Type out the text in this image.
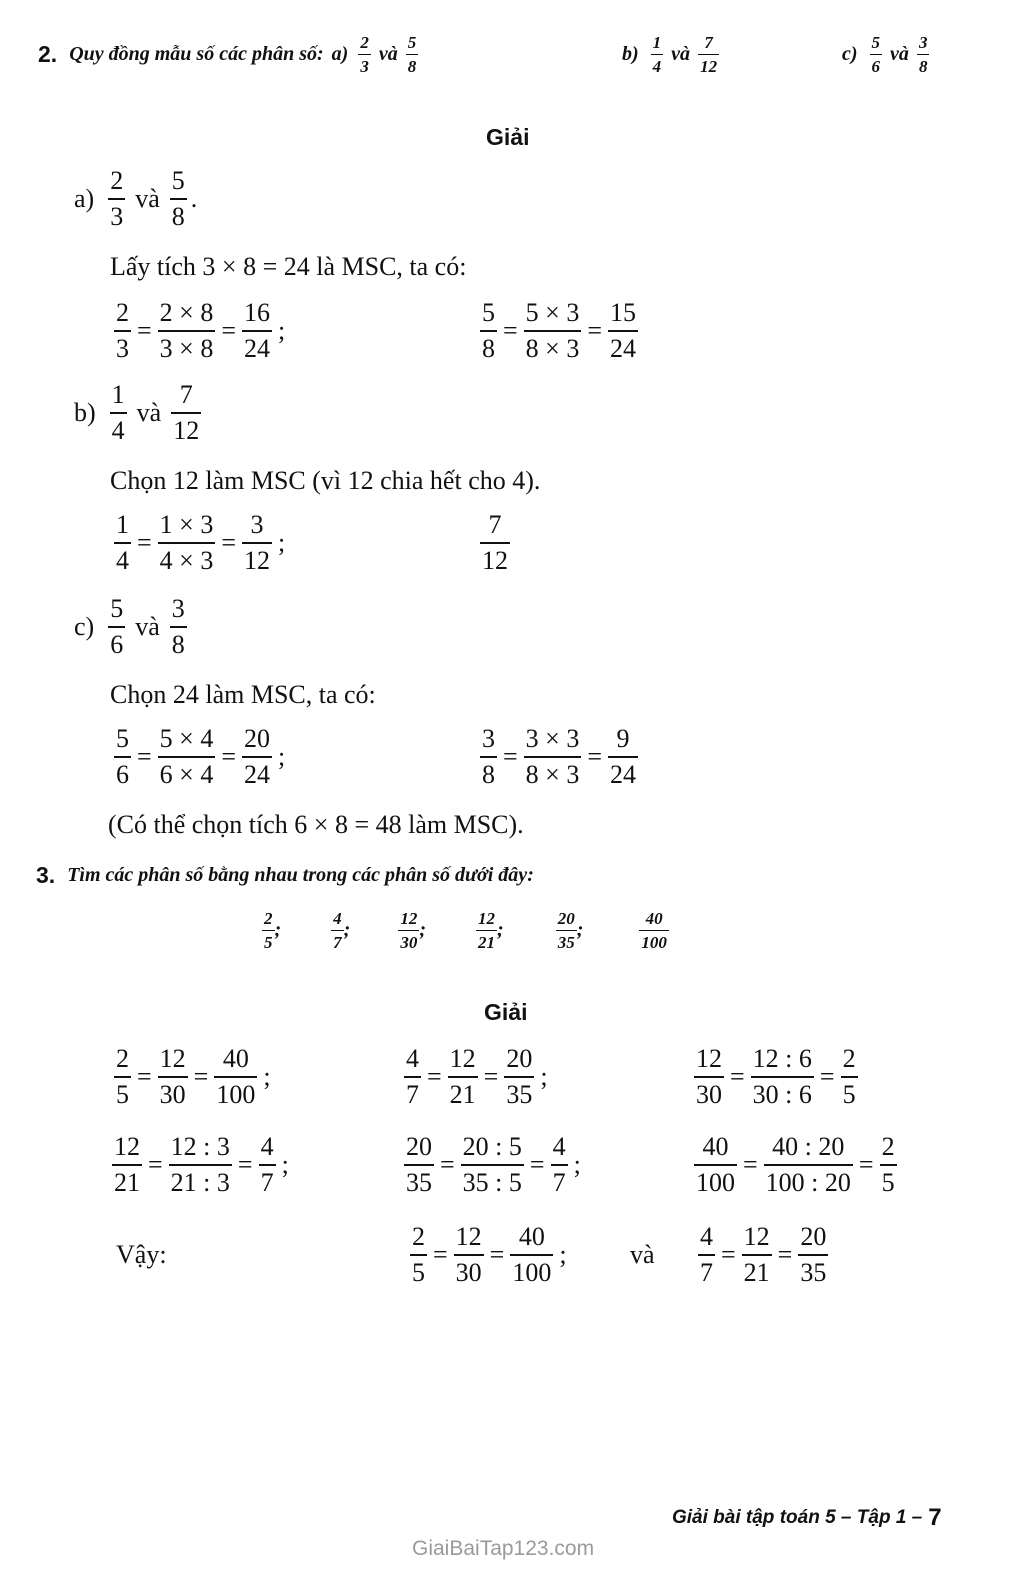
2. Quy đồng mẫu số các phân số: $a) \frac{2}{3}$ và $\frac{5}{8}$	$b) \frac{1}{4}$ và $\frac{7}{12}$	$c) \frac{5}{6}$ và $\frac{3}{8}$
Giải
$a) \frac{2}{3}$ và $\frac{5}{8}$ .
Lấy tích 3 × 8 = 24 là MSC, ta có:
$\frac{2}{3} = \frac{2 \times 8}{3 \times 8} = \frac{16}{24}$ ;	$\frac{5}{8} = \frac{5 \times 3}{8 \times 3} = \frac{15}{24}$
$b) \frac{1}{4}$ và $\frac{7}{12}$
Chọn 12 làm MSC (vì 12 chia hết cho 4).
$\frac{1}{4} = \frac{1 \times 3}{4 \times 3} = \frac{3}{12}$ ;	$\frac{7}{12}$
$c) \frac{5}{6}$ và $\frac{3}{8}$
Chọn 24 làm MSC, ta có:
$\frac{5}{6} = \frac{5 \times 4}{6 \times 4} = \frac{20}{24}$ ;	$\frac{3}{8} = \frac{3 \times 3}{8 \times 3} = \frac{9}{24}$
(Có thể chọn tích 6 × 8 = 48 làm MSC).
3. Tìm các phân số bằng nhau trong các phân số dưới đây:
$\frac{2}{5}$ ;	$\frac{4}{7}$ ;	$\frac{12}{30}$ ;	$\frac{12}{21}$ ;	$\frac{20}{35}$ ;	$\frac{40}{100}$
Giải
$\frac{2}{5} = \frac{12}{30} = \frac{40}{100}$ ;	$\frac{4}{7} = \frac{12}{21} = \frac{20}{35}$ ;	$\frac{12}{30} = \frac{12 : 6}{30 : 6} = \frac{2}{5}$
$\frac{12}{21} = \frac{12 : 3}{21 : 3} = \frac{4}{7}$ ;	$\frac{20}{35} = \frac{20 : 5}{35 : 5} = \frac{4}{7}$ ;	$\frac{40}{100} = \frac{40 : 20}{100 : 20} = \frac{2}{5}$
Vậy:	$\frac{2}{5} = \frac{12}{30} = \frac{40}{100}$ ; và $\frac{4}{7} = \frac{12}{21} = \frac{20}{35}$
Giải bài tập toán 5 – Tập 1 – 7
GiaiBaiTap123.com
